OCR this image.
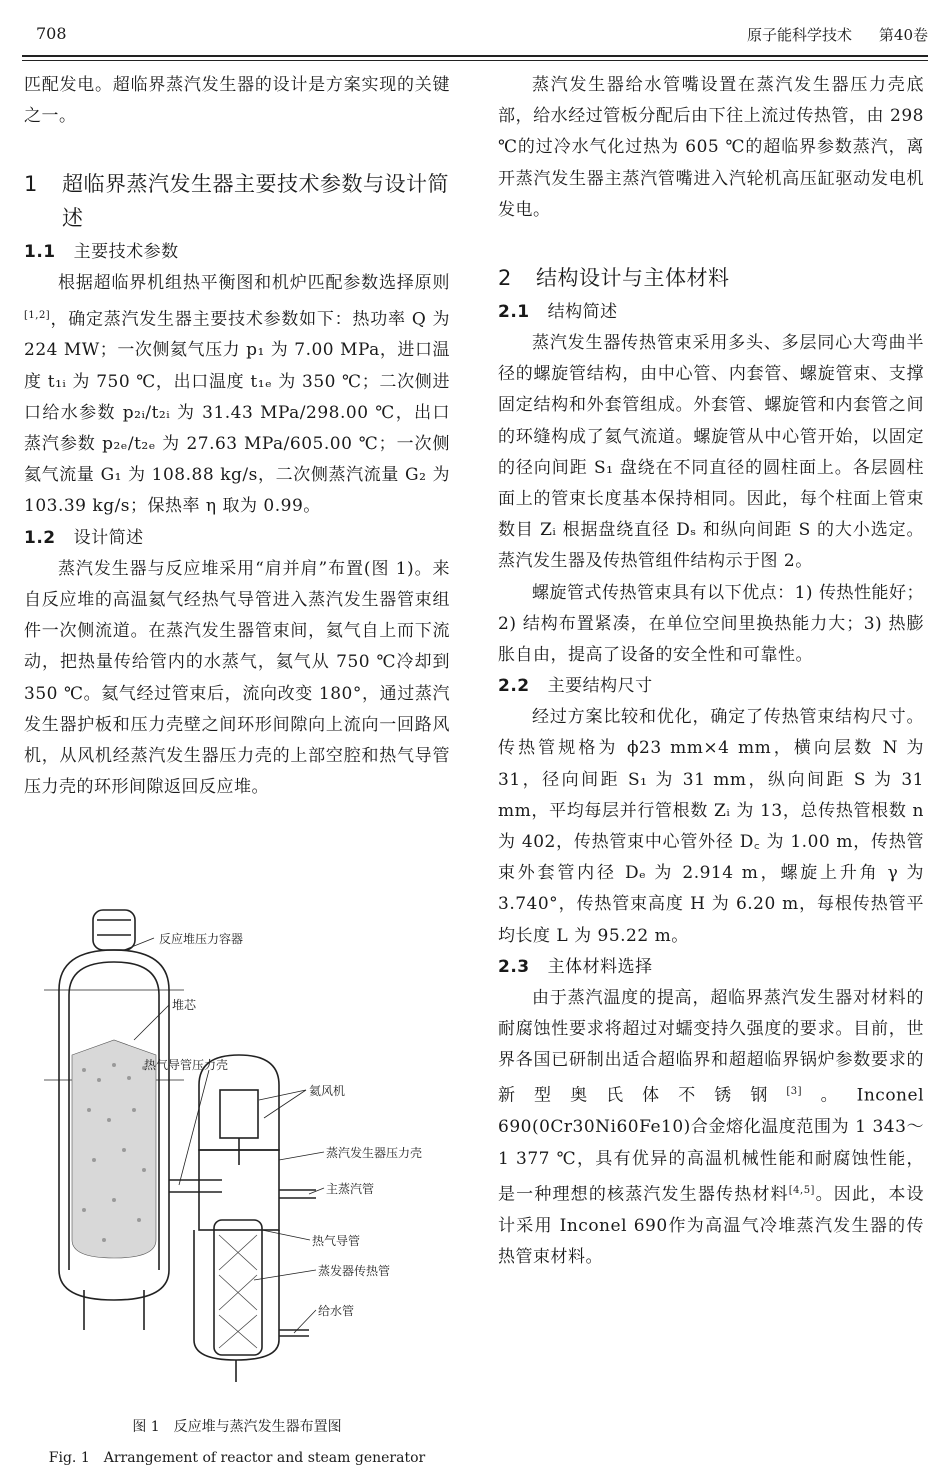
708	原子能科学技术 第40卷

匹配发电。超临界蒸汽发生器的设计是方案实现的关键之一。

1	超临界蒸汽发生器主要技术参数与设计简述
1.1 主要技术参数

根据超临界机组热平衡图和机炉匹配参数选择原则[1,2]，确定蒸汽发生器主要技术参数如下：热功率 Q 为 224 MW；一次侧氦气压力 p₁ 为 7.00 MPa，进口温度 t₁ᵢ 为 750 ℃，出口温度 t₁ₑ 为 350 ℃；二次侧进口给水参数 p₂ᵢ/t₂ᵢ 为 31.43 MPa/298.00 ℃，出口蒸汽参数 p₂ₑ/t₂ₑ 为 27.63 MPa/605.00 ℃；一次侧氦气流量 G₁ 为 108.88 kg/s，二次侧蒸汽流量 G₂ 为 103.39 kg/s；保热率 η 取为 0.99。

1.2 设计简述

蒸汽发生器与反应堆采用“肩并肩”布置(图 1)。来自反应堆的高温氦气经热气导管进入蒸汽发生器管束组件一次侧流道。在蒸汽发生器管束间，氦气自上而下流动，把热量传给管内的水蒸气，氦气从 750 ℃冷却到 350 ℃。氦气经过管束后，流向改变 180°，通过蒸汽发生器护板和压力壳壁之间环形间隙向上流向一回路风机，从风机经蒸汽发生器压力壳的上部空腔和热气导管压力壳的环形间隙返回反应堆。

反应堆压力容器
堆芯
热气导管压力壳
氦风机
蒸汽发生器压力壳
主蒸汽管
热气导管
蒸发器传热管
给水管
图 1　反应堆与蒸汽发生器布置图
Fig. 1　Arrangement of reactor and steam generator

蒸汽发生器给水管嘴设置在蒸汽发生器压力壳底部，给水经过管板分配后由下往上流过传热管，由 298 ℃的过冷水气化过热为 605 ℃的超临界参数蒸汽，离开蒸汽发生器主蒸汽管嘴进入汽轮机高压缸驱动发电机发电。

2	结构设计与主体材料
2.1 结构简述

蒸汽发生器传热管束采用多头、多层同心大弯曲半径的螺旋管结构，由中心管、内套管、螺旋管束、支撑固定结构和外套管组成。外套管、螺旋管和内套管之间的环缝构成了氦气流道。螺旋管从中心管开始，以固定的径向间距 S₁ 盘绕在不同直径的圆柱面上。各层圆柱面上的管束长度基本保持相同。因此，每个柱面上管束数目 Zᵢ 根据盘绕直径 Dₛ 和纵向间距 S 的大小选定。蒸汽发生器及传热管组件结构示于图 2。

螺旋管式传热管束具有以下优点：1) 传热性能好；2) 结构布置紧凑，在单位空间里换热能力大；3) 热膨胀自由，提高了设备的安全性和可靠性。

2.2 主要结构尺寸

经过方案比较和优化，确定了传热管束结构尺寸。传热管规格为 ϕ23 mm×4 mm，横向层数 N 为 31，径向间距 S₁ 为 31 mm，纵向间距 S 为 31 mm，平均每层并行管根数 Zᵢ 为 13，总传热管根数 n 为 402，传热管束中心管外径 D꜀ 为 1.00 m，传热管束外套管内径 Dₑ 为 2.914 m，螺旋上升角 γ 为 3.740°，传热管束高度 H 为 6.20 m，每根传热管平均长度 L 为 95.22 m。

2.3 主体材料选择

由于蒸汽温度的提高，超临界蒸汽发生器对材料的耐腐蚀性要求将超过对蠕变持久强度的要求。目前，世界各国已研制出适合超临界和超超临界锅炉参数要求的新型奥氏体不锈钢[3]。Inconel 690(0Cr30Ni60Fe10)合金熔化温度范围为 1 343～1 377 ℃，具有优异的高温机械性能和耐腐蚀性能，是一种理想的核蒸汽发生器传热材料[4,5]。因此，本设计采用 Inconel 690作为高温气冷堆蒸汽发生器的传热管束材料。
